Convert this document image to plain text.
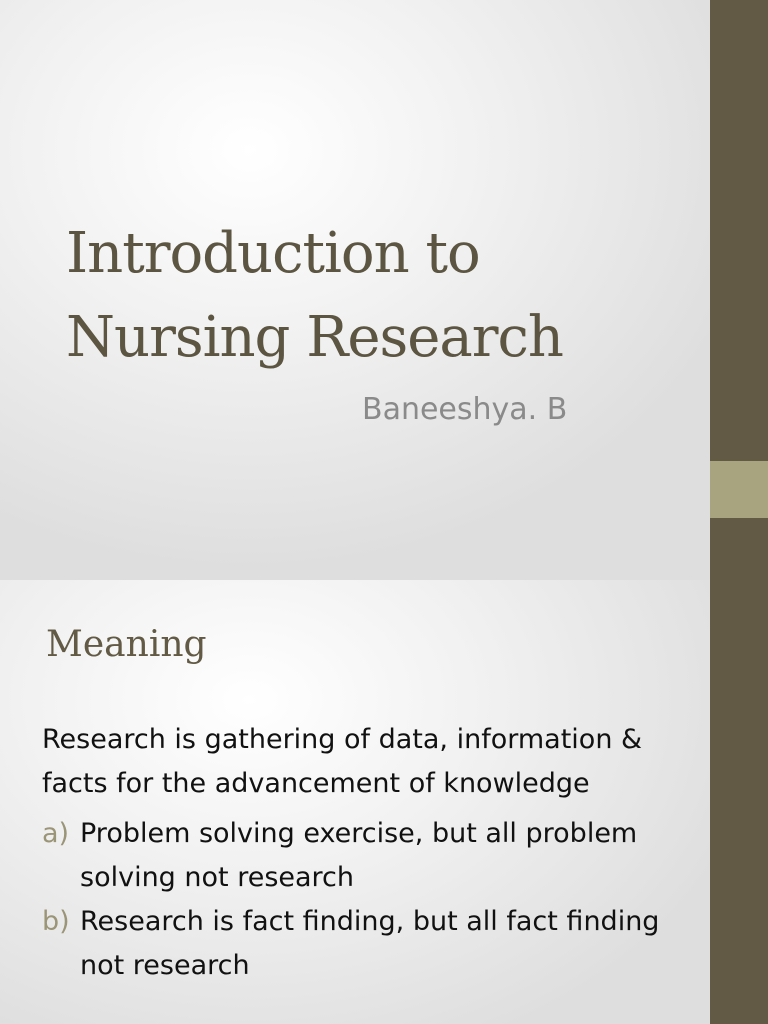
Introduction to
Nursing Research
Baneeshya. B
Meaning

Research is gathering of data, information & facts for the advancement of knowledge

a) Problem solving exercise, but all problem solving not research
b) Research is fact finding, but all fact finding not research
